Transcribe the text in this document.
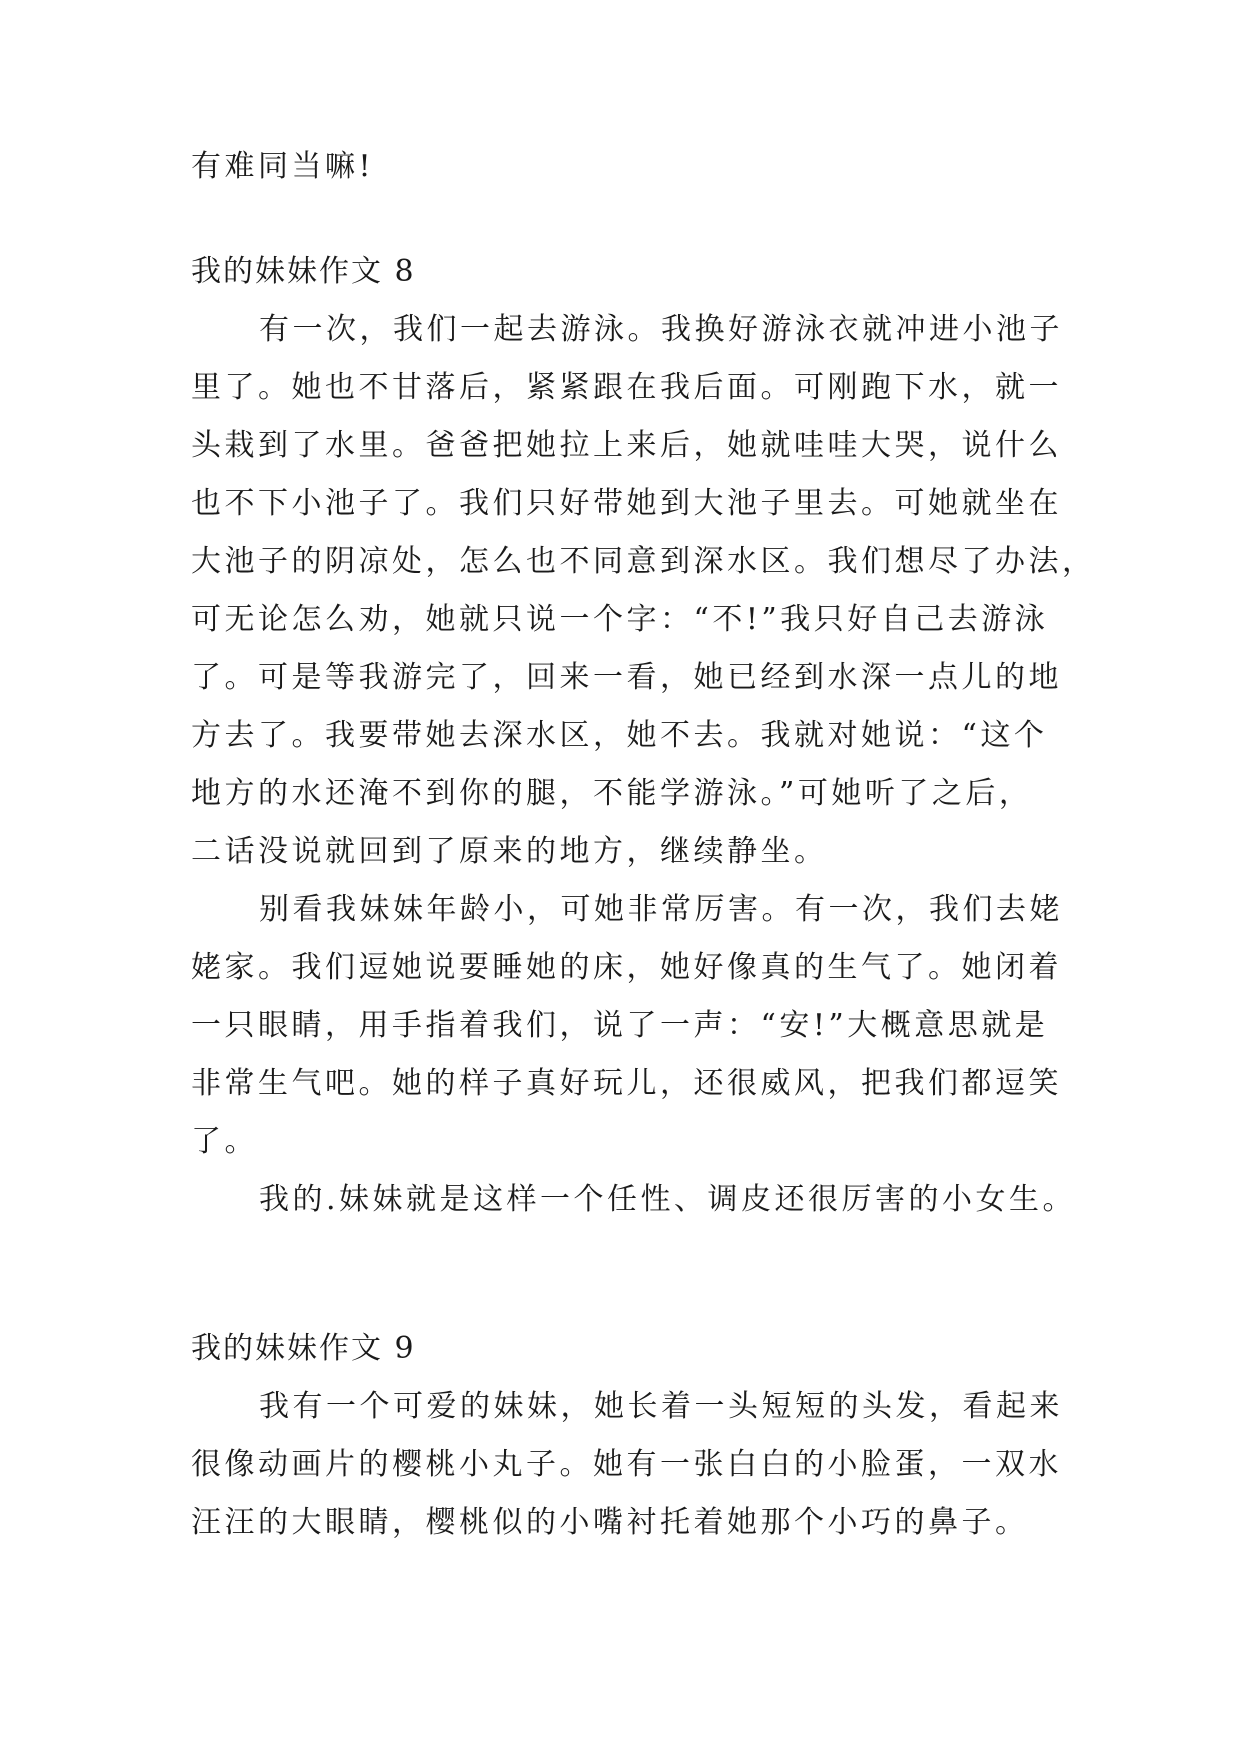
有难同当嘛!
我的妹妹作文 8
有一次，我们一起去游泳。我换好游泳衣就冲进小池子
里了。她也不甘落后，紧紧跟在我后面。可刚跑下水，就一
头栽到了水里。爸爸把她拉上来后，她就哇哇大哭，说什么
也不下小池子了。我们只好带她到大池子里去。可她就坐在
大池子的阴凉处，怎么也不同意到深水区。我们想尽了办法，
可无论怎么劝，她就只说一个字：“不!”我只好自己去游泳
了。可是等我游完了，回来一看，她已经到水深一点儿的地
方去了。我要带她去深水区，她不去。我就对她说：“这个
地方的水还淹不到你的腿，不能学游泳。”可她听了之后，
二话没说就回到了原来的地方，继续静坐。
别看我妹妹年龄小，可她非常厉害。有一次，我们去姥
姥家。我们逗她说要睡她的床，她好像真的生气了。她闭着
一只眼睛，用手指着我们，说了一声：“安!”大概意思就是
非常生气吧。她的样子真好玩儿，还很威风，把我们都逗笑
了。
我的.妹妹就是这样一个任性、调皮还很厉害的小女生。
我的妹妹作文 9
我有一个可爱的妹妹，她长着一头短短的头发，看起来
很像动画片的樱桃小丸子。她有一张白白的小脸蛋，一双水
汪汪的大眼睛，樱桃似的小嘴衬托着她那个小巧的鼻子。
